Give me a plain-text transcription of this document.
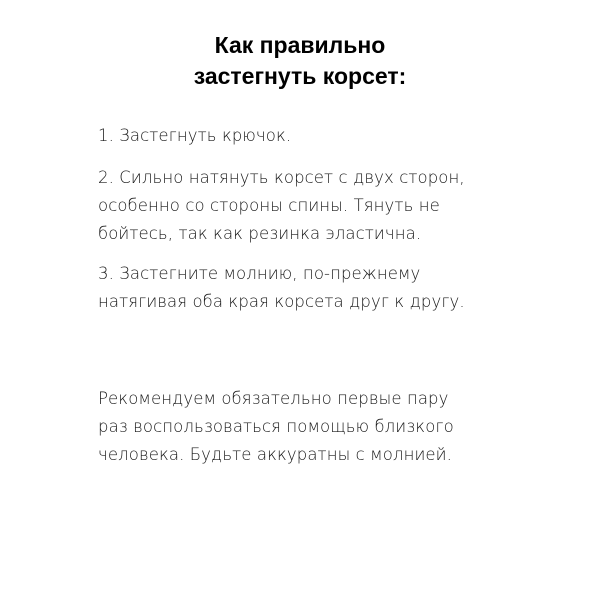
Как правильно
застегнуть корсет:
1. Застегнуть крючок.
2. Сильно натянуть корсет с двух сторон,
особенно со стороны спины. Тянуть не
бойтесь, так как резинка эластична.
3. Застегните молнию, по-прежнему
натягивая оба края корсета друг к другу.
Рекомендуем обязательно первые пару
раз воспользоваться помощью близкого
человека. Будьте аккуратны с молнией.
